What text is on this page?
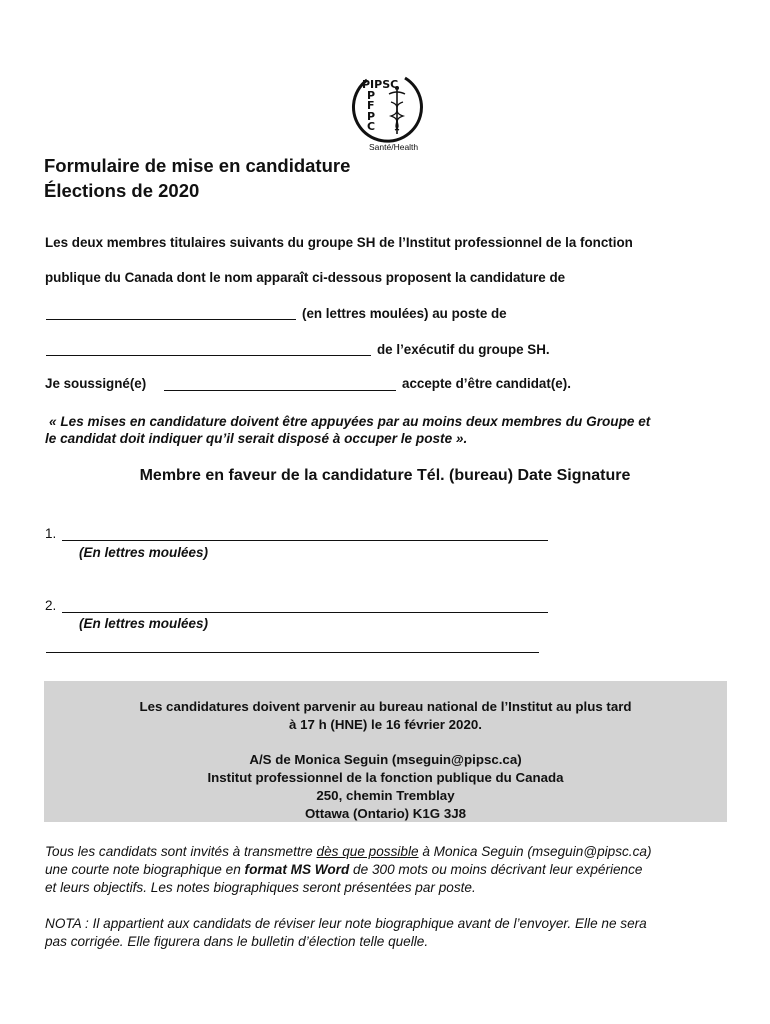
PIPSC
P
F
P
C
Santé/Health
Formulaire de mise en candidature
Élections de 2020
Les deux membres titulaires suivants du groupe SH de l’Institut professionnel de la fonction
publique du Canada dont le nom apparaît ci-dessous proposent la candidature de
(en lettres moulées) au poste de
de l’exécutif du groupe SH.
Je soussigné(e)	accepte d’être candidat(e).
« Les mises en candidature doivent être appuyées par au moins deux membres du Groupe et
le candidat doit indiquer qu’il serait disposé à occuper le poste ».
Membre en faveur de la candidature Tél. (bureau) Date Signature
1.
(En lettres moulées)
2.
(En lettres moulées)
Les candidatures doivent parvenir au bureau national de l’Institut au plus tard
à 17 h (HNE) le 16 février 2020.
A/S de Monica Seguin (mseguin@pipsc.ca)
Institut professionnel de la fonction publique du Canada
250, chemin Tremblay
Ottawa (Ontario) K1G 3J8
Tous les candidats sont invités à transmettre dès que possible à Monica Seguin (mseguin@pipsc.ca)
une courte note biographique en format MS Word de 300 mots ou moins décrivant leur expérience
et leurs objectifs. Les notes biographiques seront présentées par poste.
NOTA : Il appartient aux candidats de réviser leur note biographique avant de l’envoyer. Elle ne sera
pas corrigée. Elle figurera dans le bulletin d’élection telle quelle.
